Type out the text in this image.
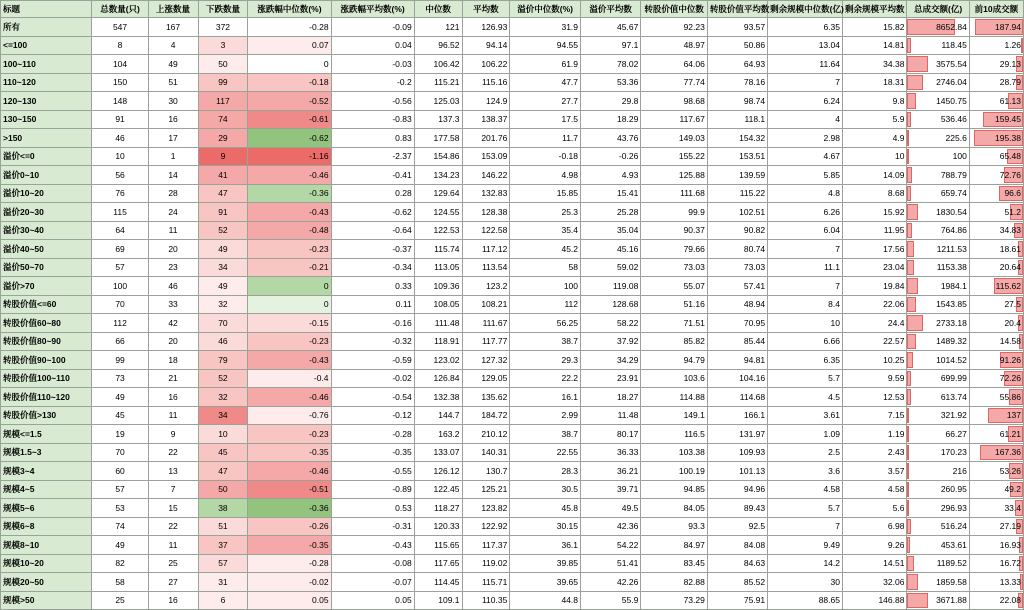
标题	总数量(只)	上涨数量	下跌数量	涨跌幅中位数(%)	涨跌幅平均数(%)	中位数	平均数	溢价中位数(%)	溢价平均数	转股价值中位数	转股价值平均数	剩余规模中位数(亿)	剩余规模平均数	总成交额(亿)	前10成交额
所有	547	167	372	-0.28	-0.09	121	126.93	31.9	45.67	92.23	93.57	6.35	15.82	8652.84	187.94

<=100	8	4	3	0.07	0.04	96.52	94.14	94.55	97.1	48.97	50.86	13.04	14.81	118.45	1.26

100~110	104	49	50	0	-0.03	106.42	106.22	61.9	78.02	64.06	64.93	11.64	34.38	3575.54	29.13

110~120	150	51	99	-0.18	-0.2	115.21	115.16	47.7	53.36	77.74	78.16	7	18.31	2746.04	28.79

120~130	148	30	117	-0.52	-0.56	125.03	124.9	27.7	29.8	98.68	98.74	6.24	9.8	1450.75	61.13

130~150	91	16	74	-0.61	-0.83	137.3	138.37	17.5	18.29	117.67	118.1	4	5.9	536.46	159.45

>150	46	17	29	-0.62	0.83	177.58	201.76	11.7	43.76	149.03	154.32	2.98	4.9	225.6	195.38

溢价<=0	10	1	9	-1.16	-2.37	154.86	153.09	-0.18	-0.26	155.22	153.51	4.67	10	100	65.48

溢价0~10	56	14	41	-0.46	-0.41	134.23	146.22	4.98	4.93	125.88	139.59	5.85	14.09	788.79	72.76

溢价10~20	76	28	47	-0.36	0.28	129.64	132.83	15.85	15.41	111.68	115.22	4.8	8.68	659.74	96.6

溢价20~30	115	24	91	-0.43	-0.62	124.55	128.38	25.3	25.28	99.9	102.51	6.26	15.92	1830.54	51.2

溢价30~40	64	11	52	-0.48	-0.64	122.53	122.58	35.4	35.04	90.37	90.82	6.04	11.95	764.86	34.83

溢价40~50	69	20	49	-0.23	-0.37	115.74	117.12	45.2	45.16	79.66	80.74	7	17.56	1211.53	18.61

溢价50~70	57	23	34	-0.21	-0.34	113.05	113.54	58	59.02	73.03	73.03	11.1	23.04	1153.38	20.64

溢价>70	100	46	49	0	0.33	109.36	123.2	100	119.08	55.07	57.41	7	19.84	1984.1	115.62

转股价值<=60	70	33	32	0	0.11	108.05	108.21	112	128.68	51.16	48.94	8.4	22.06	1543.85	27.5

转股价值60~80	112	42	70	-0.15	-0.16	111.48	111.67	56.25	58.22	71.51	70.95	10	24.4	2733.18	20.4

转股价值80~90	66	20	46	-0.23	-0.32	118.91	117.77	38.7	37.92	85.82	85.44	6.66	22.57	1489.32	14.58

转股价值90~100	99	18	79	-0.43	-0.59	123.02	127.32	29.3	34.29	94.79	94.81	6.35	10.25	1014.52	91.26

转股价值100~110	73	21	52	-0.4	-0.02	126.84	129.05	22.2	23.91	103.6	104.16	5.7	9.59	699.99	72.26

转股价值110~120	49	16	32	-0.46	-0.54	132.38	135.62	16.1	18.27	114.88	114.68	4.5	12.53	613.74	55.86

转股价值>130	45	11	34	-0.76	-0.12	144.7	184.72	2.99	11.48	149.1	166.1	3.61	7.15	321.92	137

规模<=1.5	19	9	10	-0.23	-0.28	163.2	210.12	38.7	80.17	116.5	131.97	1.09	1.19	66.27	61.21

规模1.5~3	70	22	45	-0.35	-0.35	133.07	140.31	22.55	36.33	103.38	109.93	2.5	2.43	170.23	167.36

规模3~4	60	13	47	-0.46	-0.55	126.12	130.7	28.3	36.21	100.19	101.13	3.6	3.57	216	53.26

规模4~5	57	7	50	-0.51	-0.89	122.45	125.21	30.5	39.71	94.85	94.96	4.58	4.58	260.95	49.2

规模5~6	53	15	38	-0.36	0.53	118.27	123.82	45.8	49.5	84.05	89.43	5.7	5.6	296.93	33.4

规模6~8	74	22	51	-0.26	-0.31	120.33	122.92	30.15	42.36	93.3	92.5	7	6.98	516.24	27.19

规模8~10	49	11	37	-0.35	-0.43	115.65	117.37	36.1	54.22	84.97	84.08	9.49	9.26	453.61	16.93

规模10~20	82	25	57	-0.28	-0.08	117.65	119.02	39.85	51.41	83.45	84.63	14.2	14.51	1189.52	16.72

规模20~50	58	27	31	-0.02	-0.07	114.45	115.71	39.65	42.26	82.88	85.52	30	32.06	1859.58	13.33

规模>50	25	16	6	0.05	0.05	109.1	110.35	44.8	55.9	73.29	75.91	88.65	146.88	3671.88	22.08
